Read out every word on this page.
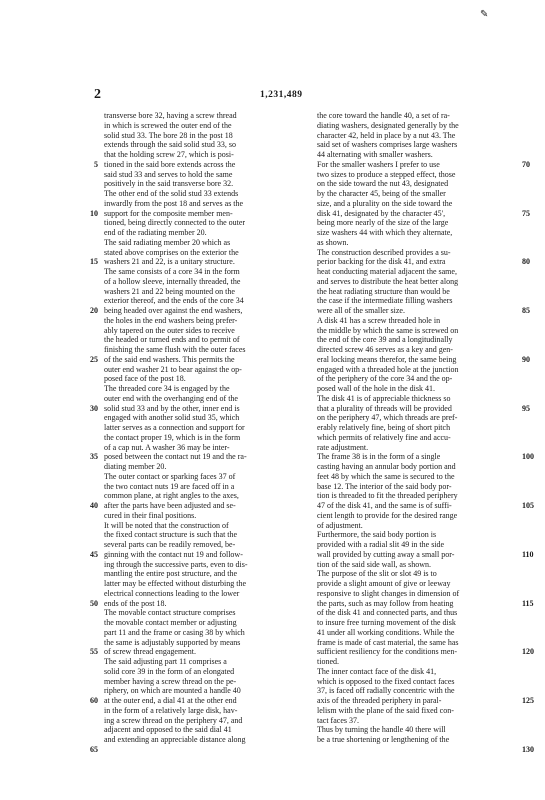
2	1,231,489
✎
transverse bore 32, having a screw thread
in which is screwed the outer end of the
solid stud 33. The bore 28 in the post 18
extends through the said solid stud 33, so
that the holding screw 27, which is posi-
tioned in the said bore extends across the
said stud 33 and serves to hold the same
positively in the said transverse bore 32.
The other end of the solid stud 33 extends
inwardly from the post 18 and serves as the
support for the composite member men-
tioned, being directly connected to the outer
end of the radiating member 20.
The said radiating member 20 which as
stated above comprises on the exterior the
washers 21 and 22, is a unitary structure.
The same consists of a core 34 in the form
of a hollow sleeve, internally threaded, the
washers 21 and 22 being mounted on the
exterior thereof, and the ends of the core 34
being headed over against the end washers,
the holes in the end washers being prefer-
ably tapered on the outer sides to receive
the headed or turned ends and to permit of
finishing the same flush with the outer faces
of the said end washers. This permits the
outer end washer 21 to bear against the op-
posed face of the post 18.
The threaded core 34 is engaged by the
outer end with the overhanging end of the
solid stud 33 and by the other, inner end is
engaged with another solid stud 35, which
latter serves as a connection and support for
the contact proper 19, which is in the form
of a cap nut. A washer 36 may be inter-
posed between the contact nut 19 and the ra-
diating member 20.
The outer contact or sparking faces 37 of
the two contact nuts 19 are faced off in a
common plane, at right angles to the axes,
after the parts have been adjusted and se-
cured in their final positions.
It will be noted that the construction of
the fixed contact structure is such that the
several parts can be readily removed, be-
ginning with the contact nut 19 and follow-
ing through the successive parts, even to dis-
mantling the entire post structure, and the
latter may be effected without disturbing the
electrical connections leading to the lower
ends of the post 18.
The movable contact structure comprises
the movable contact member or adjusting
part 11 and the frame or casing 38 by which
the same is adjustably supported by means
of screw thread engagement.
The said adjusting part 11 comprises a
solid core 39 in the form of an elongated
member having a screw thread on the pe-
riphery, on which are mounted a handle 40
at the outer end, a dial 41 at the other end
in the form of a relatively large disk, hav-
ing a screw thread on the periphery 47, and
adjacent and opposed to the said dial 41
and extending an appreciable distance along
the core toward the handle 40, a set of ra-
diating washers, designated generally by the
character 42, held in place by a nut 43. The
said set of washers comprises large washers
44 alternating with smaller washers.
For the smaller washers I prefer to use
two sizes to produce a stepped effect, those
on the side toward the nut 43, designated
by the character 45, being of the smaller
size, and a plurality on the side toward the
disk 41, designated by the character 45',
being more nearly of the size of the large
size washers 44 with which they alternate,
as shown.
The construction described provides a su-
perior backing for the disk 41, and extra
heat conducting material adjacent the same,
and serves to distribute the heat better along
the heat radiating structure than would be
the case if the intermediate filling washers
were all of the smaller size.
A disk 41 has a screw threaded hole in
the middle by which the same is screwed on
the end of the core 39 and a longitudinally
directed screw 46 serves as a key and gen-
eral locking means therefor, the same being
engaged with a threaded hole at the junction
of the periphery of the core 34 and the op-
posed wall of the hole in the disk 41.
The disk 41 is of appreciable thickness so
that a plurality of threads will be provided
on the periphery 47, which threads are pref-
erably relatively fine, being of short pitch
which permits of relatively fine and accu-
rate adjustment.
The frame 38 is in the form of a single
casting having an annular body portion and
feet 48 by which the same is secured to the
base 12. The interior of the said body por-
tion is threaded to fit the threaded periphery
47 of the disk 41, and the same is of suffi-
cient length to provide for the desired range
of adjustment.
Furthermore, the said body portion is
provided with a radial slit 49 in the side
wall provided by cutting away a small por-
tion of the said side wall, as shown.
The purpose of the slit or slot 49 is to
provide a slight amount of give or leeway
responsive to slight changes in dimension of
the parts, such as may follow from heating
of the disk 41 and connected parts, and thus
to insure free turning movement of the disk
41 under all working conditions. While the
frame is made of cast material, the same has
sufficient resiliency for the conditions men-
tioned.
The inner contact face of the disk 41,
which is opposed to the fixed contact faces
37, is faced off radially concentric with the
axis of the threaded periphery in paral-
lelism with the plane of the said fixed con-
tact faces 37.
Thus by turning the handle 40 there will
be a true shortening or lengthening of the
5
10
15
20
25
30
35
40
45
50
55
60
65
70
75
80
85
90
95
100
105
110
115
120
125
130
